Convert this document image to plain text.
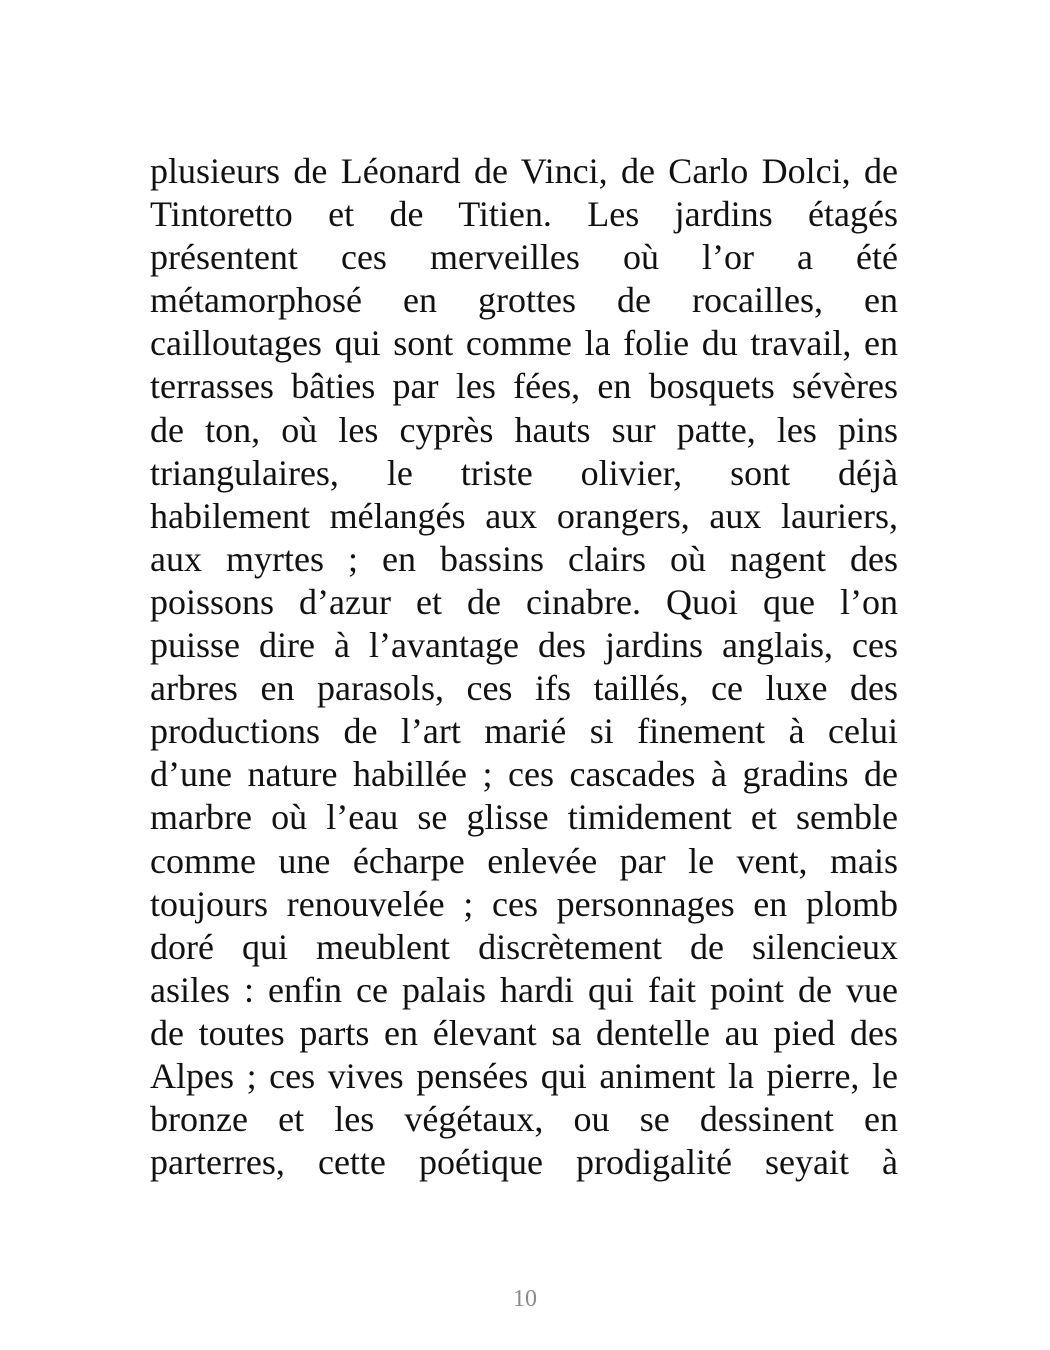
plusieurs de Léonard de Vinci, de Carlo Dolci, de
Tintoretto et de Titien. Les jardins étagés
présentent ces merveilles où l’or a été
métamorphosé en grottes de rocailles, en
cailloutages qui sont comme la folie du travail, en
terrasses bâties par les fées, en bosquets sévères
de ton, où les cyprès hauts sur patte, les pins
triangulaires, le triste olivier, sont déjà
habilement mélangés aux orangers, aux lauriers,
aux myrtes ; en bassins clairs où nagent des
poissons d’azur et de cinabre. Quoi que l’on
puisse dire à l’avantage des jardins anglais, ces
arbres en parasols, ces ifs taillés, ce luxe des
productions de l’art marié si finement à celui
d’une nature habillée ; ces cascades à gradins de
marbre où l’eau se glisse timidement et semble
comme une écharpe enlevée par le vent, mais
toujours renouvelée ; ces personnages en plomb
doré qui meublent discrètement de silencieux
asiles : enfin ce palais hardi qui fait point de vue
de toutes parts en élevant sa dentelle au pied des
Alpes ; ces vives pensées qui animent la pierre, le
bronze et les végétaux, ou se dessinent en
parterres, cette poétique prodigalité seyait à
10
